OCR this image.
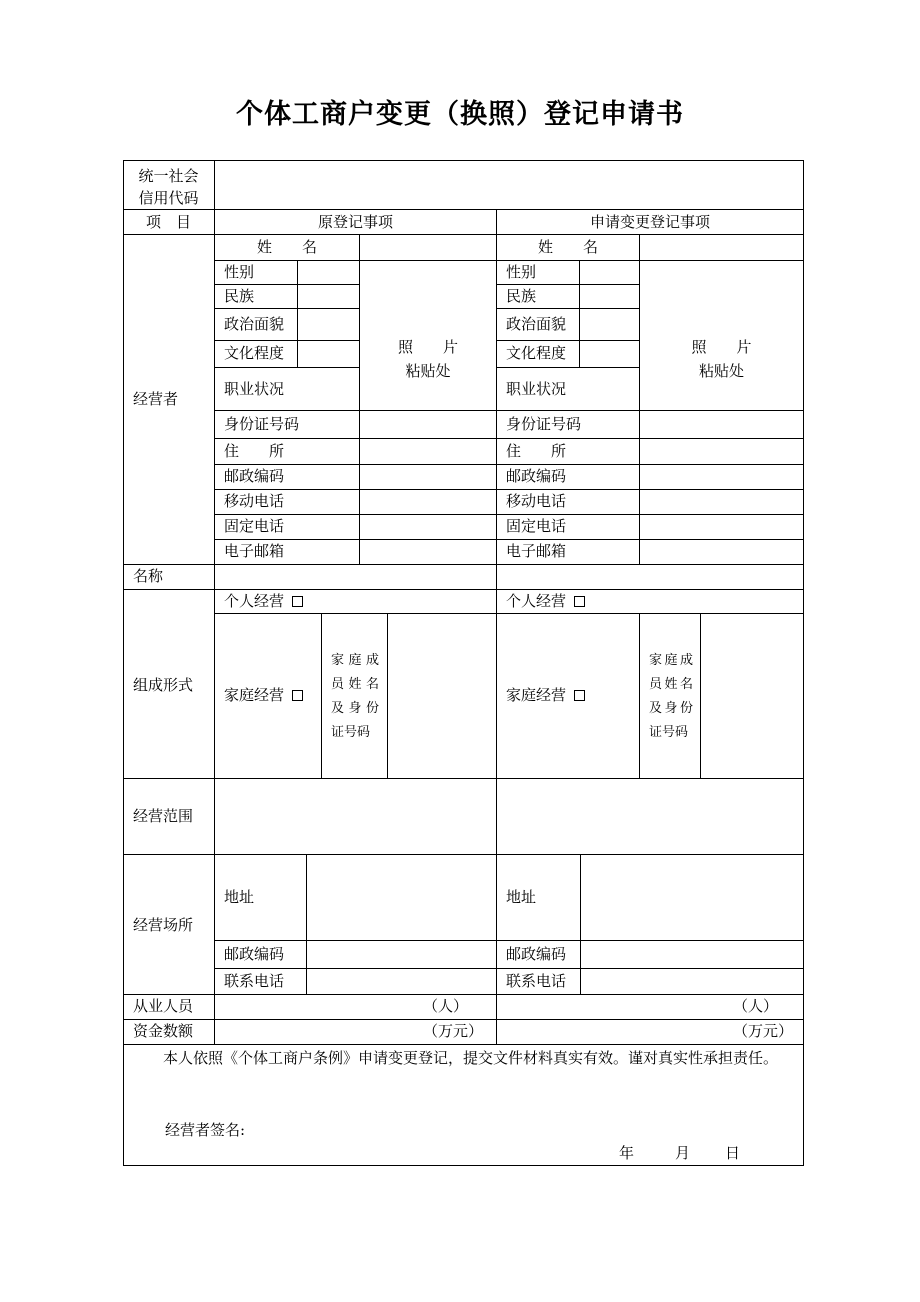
个体工商户变更（换照）登记申请书
统一社会信用代码
项　目
经营者
名称
组成形式
经营范围
经营场所
从业人员
资金数额
原登记事项	申请变更登记事项
姓　　名
性别
民族
政治面貌
文化程度
职业状况
照　　片
粘贴处
身份证号码
住　　所
邮政编码
移动电话
固定电话
电子邮箱
个人经营
家庭经营
家庭成员姓名及身份证号码
地址
邮政编码
联系电话
（人）
（万元）
姓　　名
性别
民族
政治面貌
文化程度
职业状况
照　　片
粘贴处
身份证号码
住　　所
邮政编码
移动电话
固定电话
电子邮箱
个人经营
家庭经营
家庭成员姓名及身份证号码
地址
邮政编码
联系电话
（人）
（万元）
本人依照《个体工商户条例》申请变更登记，提交文件材料真实有效。谨对真实性承担责任。
经营者签名:
年	月 日
